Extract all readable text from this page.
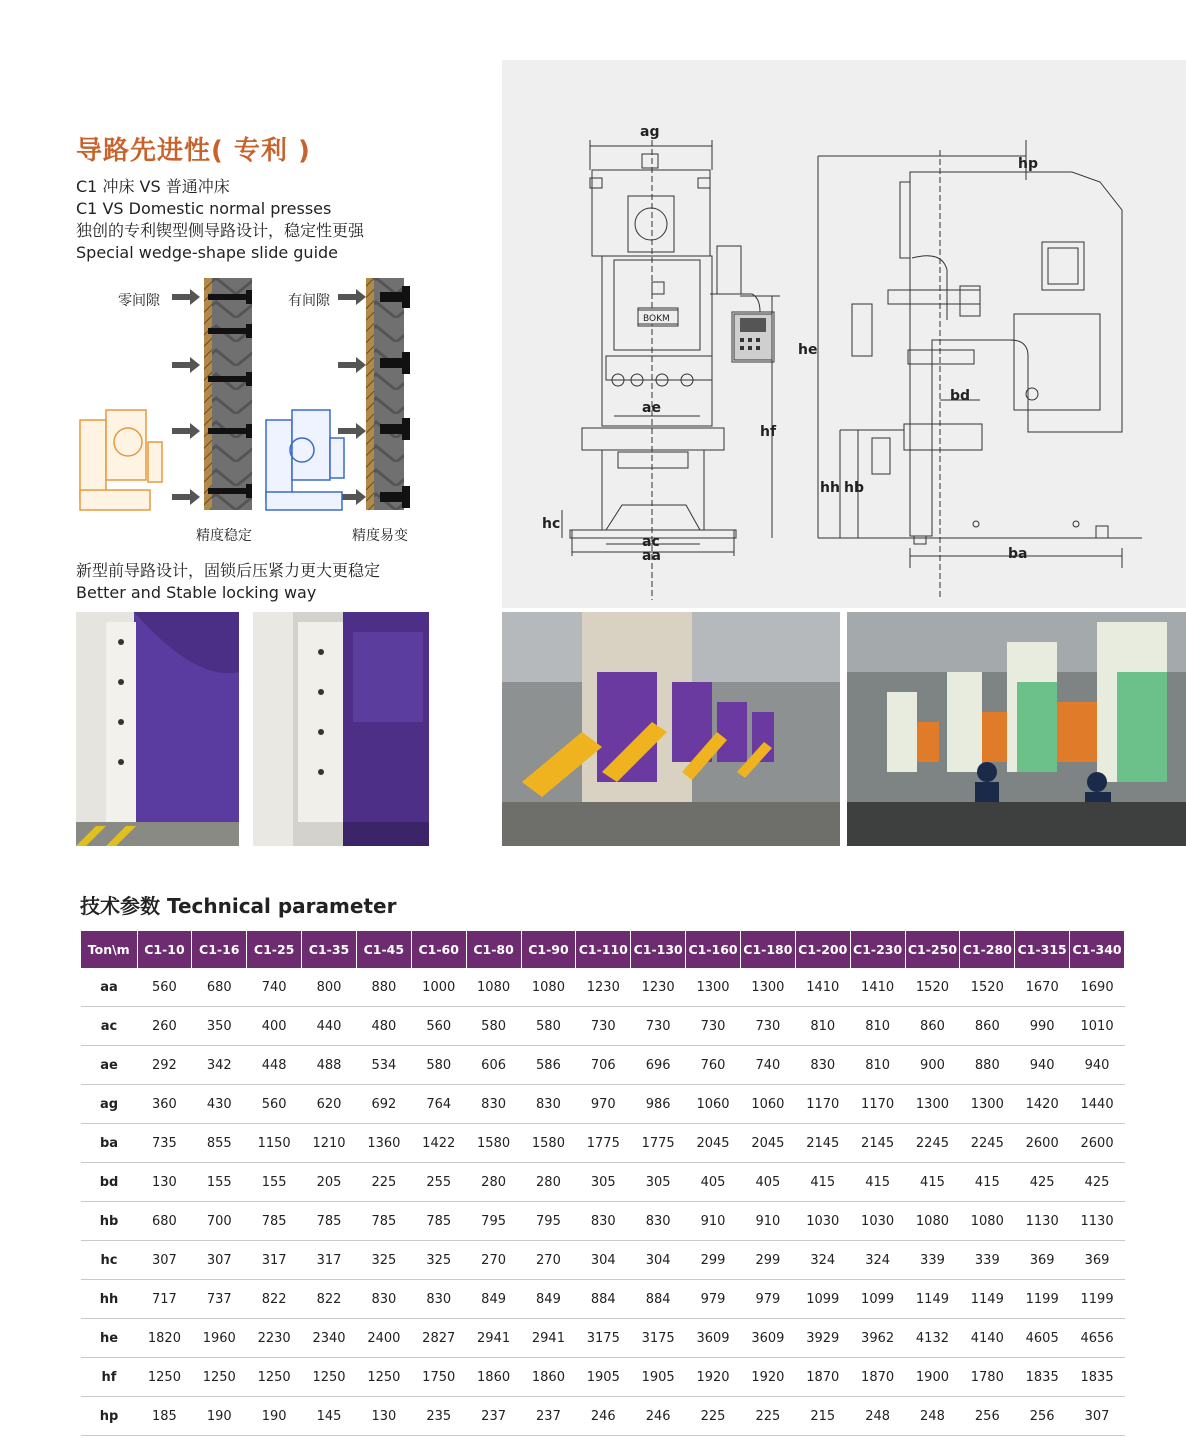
导路先进性( 专利 )
C1 冲床 VS 普通冲床
C1 VS Domestic normal presses
独创的专利锲型侧导路设计，稳定性更强
Special wedge-shape slide guide
零间隙	有间隙
精度稳定	精度易变
新型前导路设计，固锁后压紧力更大更稳定
Better and Stable locking way
BOKM
ag
ae
ac
aa
hc
hf
he
hp
bd
hh hb
ba
技术参数 Technical parameter
Ton\m	C1-10	C1-16	C1-25	C1-35	C1-45	C1-60	C1-80	C1-90	C1-110	C1-130	C1-160	C1-180	C1-200	C1-230	C1-250	C1-280	C1-315	C1-340
aa	560	680	740	800	880	1000	1080	1080	1230	1230	1300	1300	1410	1410	1520	1520	1670	1690
ac	260	350	400	440	480	560	580	580	730	730	730	730	810	810	860	860	990	1010
ae	292	342	448	488	534	580	606	586	706	696	760	740	830	810	900	880	940	940
ag	360	430	560	620	692	764	830	830	970	986	1060	1060	1170	1170	1300	1300	1420	1440
ba	735	855	1150	1210	1360	1422	1580	1580	1775	1775	2045	2045	2145	2145	2245	2245	2600	2600
bd	130	155	155	205	225	255	280	280	305	305	405	405	415	415	415	415	425	425
hb	680	700	785	785	785	785	795	795	830	830	910	910	1030	1030	1080	1080	1130	1130
hc	307	307	317	317	325	325	270	270	304	304	299	299	324	324	339	339	369	369
hh	717	737	822	822	830	830	849	849	884	884	979	979	1099	1099	1149	1149	1199	1199
he	1820	1960	2230	2340	2400	2827	2941	2941	3175	3175	3609	3609	3929	3962	4132	4140	4605	4656
hf	1250	1250	1250	1250	1250	1750	1860	1860	1905	1905	1920	1920	1870	1870	1900	1780	1835	1835
hp	185	190	190	145	130	235	237	237	246	246	225	225	215	248	248	256	256	307
